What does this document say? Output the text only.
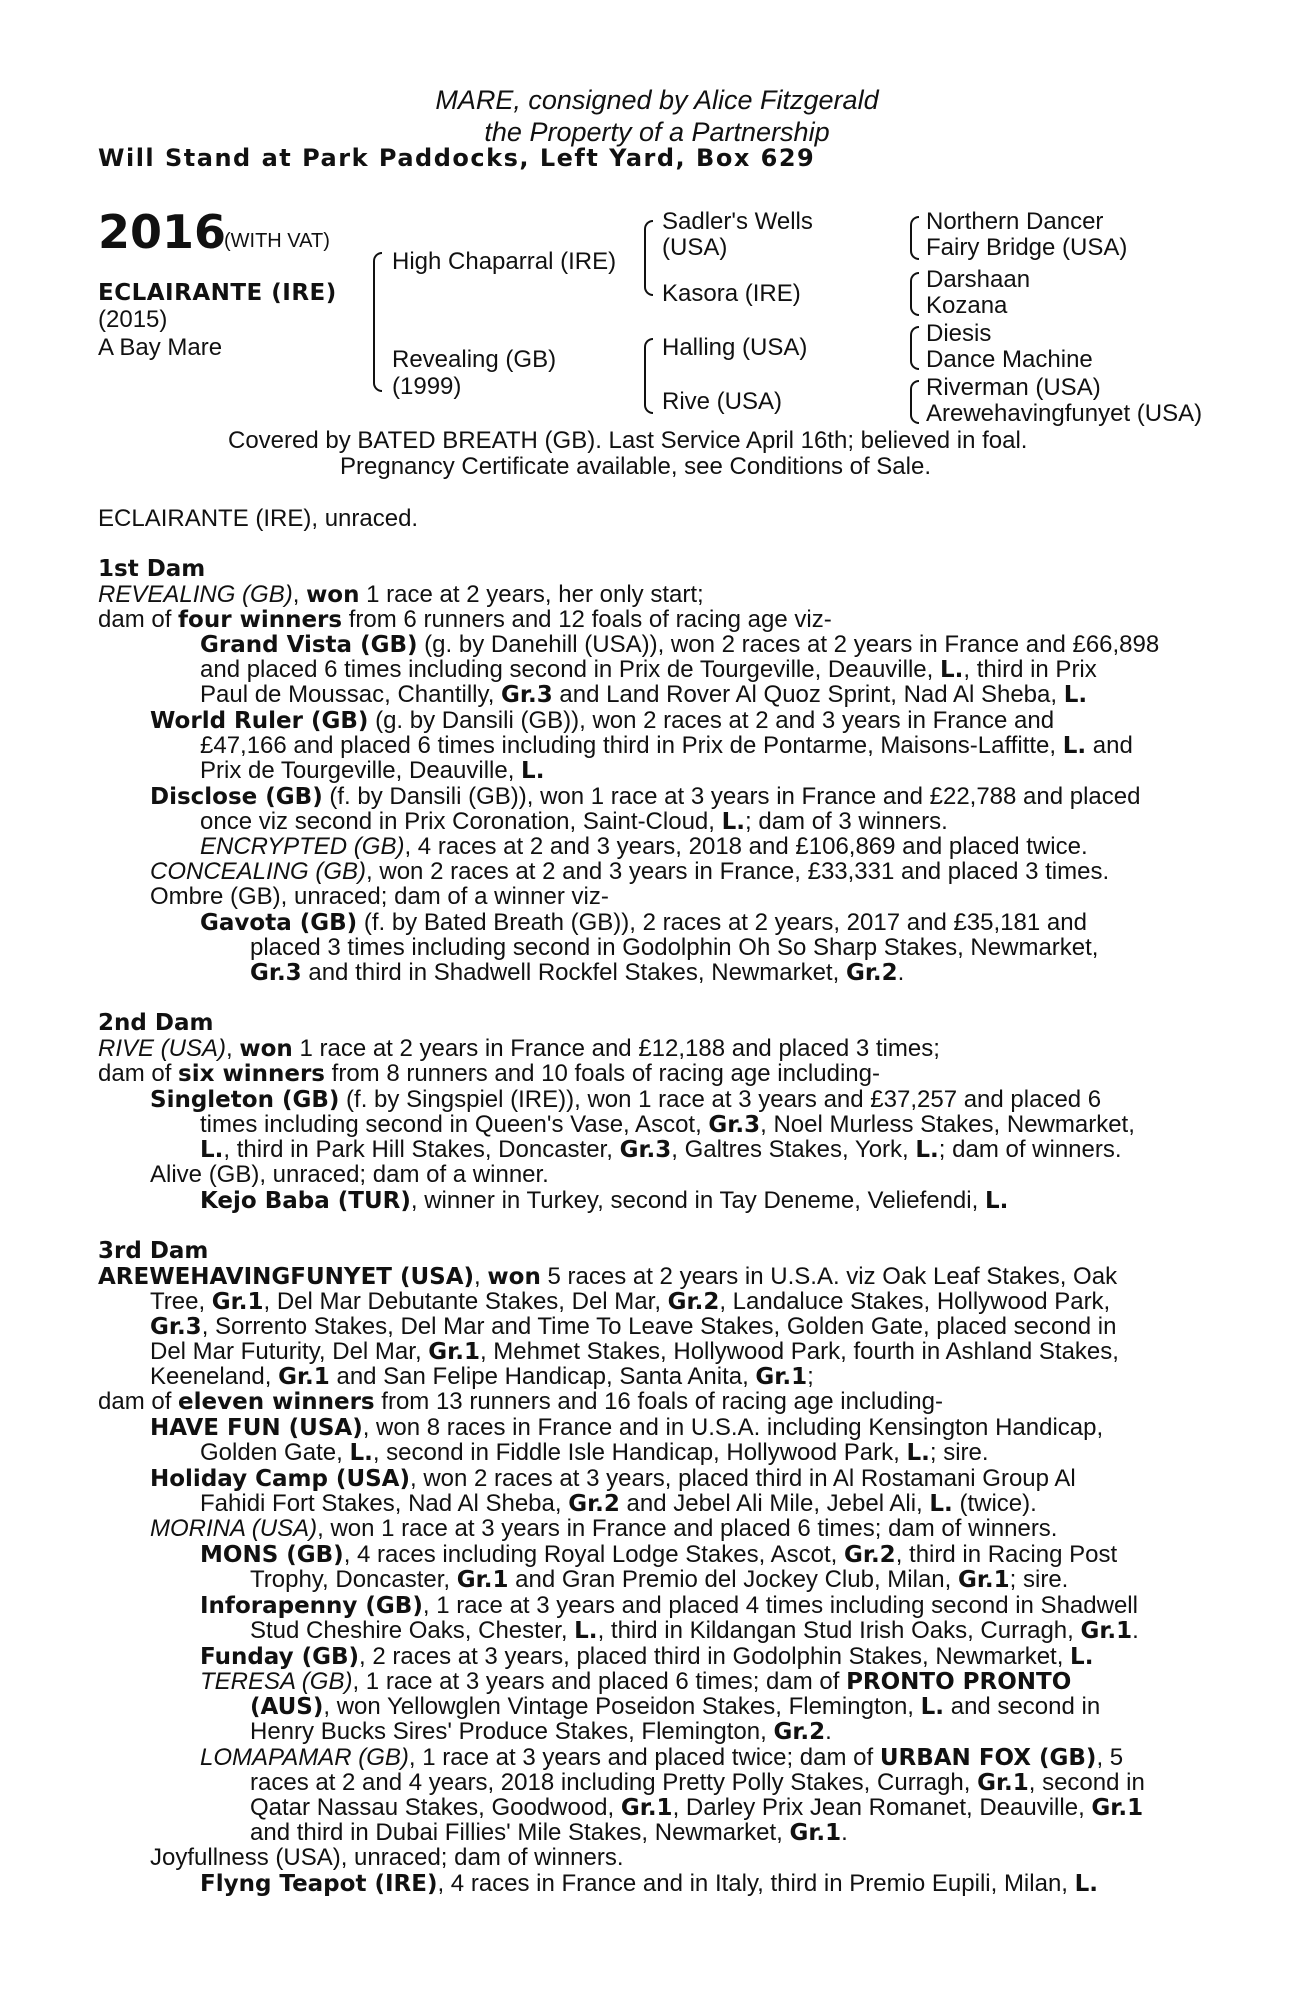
MARE, consigned by Alice Fitzgerald
the Property of a Partnership
Will Stand at Park Paddocks, Left Yard, Box 629
2016
(WITH VAT)
ECLAIRANTE (IRE)
(2015)
A Bay Mare
High Chaparral (IRE)
Revealing (GB)
(1999)
Sadler's Wells
(USA)
Kasora (IRE)
Halling (USA)
Rive (USA)
Northern Dancer
Fairy Bridge (USA)
Darshaan
Kozana
Diesis
Dance Machine
Riverman (USA)
Arewehavingfunyet (USA)
Covered by BATED BREATH (GB). Last Service April 16th; believed in foal.
Pregnancy Certificate available, see Conditions of Sale.
ECLAIRANTE (IRE), unraced.
1st Dam
REVEALING (GB), won 1 race at 2 years, her only start;
dam of four winners from 6 runners and 12 foals of racing age viz-
Grand Vista (GB) (g. by Danehill (USA)), won 2 races at 2 years in France and £66,898
and placed 6 times including second in Prix de Tourgeville, Deauville, L., third in Prix
Paul de Moussac, Chantilly, Gr.3 and Land Rover Al Quoz Sprint, Nad Al Sheba, L.
World Ruler (GB) (g. by Dansili (GB)), won 2 races at 2 and 3 years in France and
£47,166 and placed 6 times including third in Prix de Pontarme, Maisons-Laffitte, L. and
Prix de Tourgeville, Deauville, L.
Disclose (GB) (f. by Dansili (GB)), won 1 race at 3 years in France and £22,788 and placed
once viz second in Prix Coronation, Saint-Cloud, L.; dam of 3 winners.
ENCRYPTED (GB), 4 races at 2 and 3 years, 2018 and £106,869 and placed twice.
CONCEALING (GB), won 2 races at 2 and 3 years in France, £33,331 and placed 3 times.
Ombre (GB), unraced; dam of a winner viz-
Gavota (GB) (f. by Bated Breath (GB)), 2 races at 2 years, 2017 and £35,181 and
placed 3 times including second in Godolphin Oh So Sharp Stakes, Newmarket,
Gr.3 and third in Shadwell Rockfel Stakes, Newmarket, Gr.2.
2nd Dam
RIVE (USA), won 1 race at 2 years in France and £12,188 and placed 3 times;
dam of six winners from 8 runners and 10 foals of racing age including-
Singleton (GB) (f. by Singspiel (IRE)), won 1 race at 3 years and £37,257 and placed 6
times including second in Queen's Vase, Ascot, Gr.3, Noel Murless Stakes, Newmarket,
L., third in Park Hill Stakes, Doncaster, Gr.3, Galtres Stakes, York, L.; dam of winners.
Alive (GB), unraced; dam of a winner.
Kejo Baba (TUR), winner in Turkey, second in Tay Deneme, Veliefendi, L.
3rd Dam
AREWEHAVINGFUNYET (USA), won 5 races at 2 years in U.S.A. viz Oak Leaf Stakes, Oak
Tree, Gr.1, Del Mar Debutante Stakes, Del Mar, Gr.2, Landaluce Stakes, Hollywood Park,
Gr.3, Sorrento Stakes, Del Mar and Time To Leave Stakes, Golden Gate, placed second in
Del Mar Futurity, Del Mar, Gr.1, Mehmet Stakes, Hollywood Park, fourth in Ashland Stakes,
Keeneland, Gr.1 and San Felipe Handicap, Santa Anita, Gr.1;
dam of eleven winners from 13 runners and 16 foals of racing age including-
HAVE FUN (USA), won 8 races in France and in U.S.A. including Kensington Handicap,
Golden Gate, L., second in Fiddle Isle Handicap, Hollywood Park, L.; sire.
Holiday Camp (USA), won 2 races at 3 years, placed third in Al Rostamani Group Al
Fahidi Fort Stakes, Nad Al Sheba, Gr.2 and Jebel Ali Mile, Jebel Ali, L. (twice).
MORINA (USA), won 1 race at 3 years in France and placed 6 times; dam of winners.
MONS (GB), 4 races including Royal Lodge Stakes, Ascot, Gr.2, third in Racing Post
Trophy, Doncaster, Gr.1 and Gran Premio del Jockey Club, Milan, Gr.1; sire.
Inforapenny (GB), 1 race at 3 years and placed 4 times including second in Shadwell
Stud Cheshire Oaks, Chester, L., third in Kildangan Stud Irish Oaks, Curragh, Gr.1.
Funday (GB), 2 races at 3 years, placed third in Godolphin Stakes, Newmarket, L.
TERESA (GB), 1 race at 3 years and placed 6 times; dam of PRONTO PRONTO
(AUS), won Yellowglen Vintage Poseidon Stakes, Flemington, L. and second in
Henry Bucks Sires' Produce Stakes, Flemington, Gr.2.
LOMAPAMAR (GB), 1 race at 3 years and placed twice; dam of URBAN FOX (GB), 5
races at 2 and 4 years, 2018 including Pretty Polly Stakes, Curragh, Gr.1, second in
Qatar Nassau Stakes, Goodwood, Gr.1, Darley Prix Jean Romanet, Deauville, Gr.1
and third in Dubai Fillies' Mile Stakes, Newmarket, Gr.1.
Joyfullness (USA), unraced; dam of winners.
Flyng Teapot (IRE), 4 races in France and in Italy, third in Premio Eupili, Milan, L.
